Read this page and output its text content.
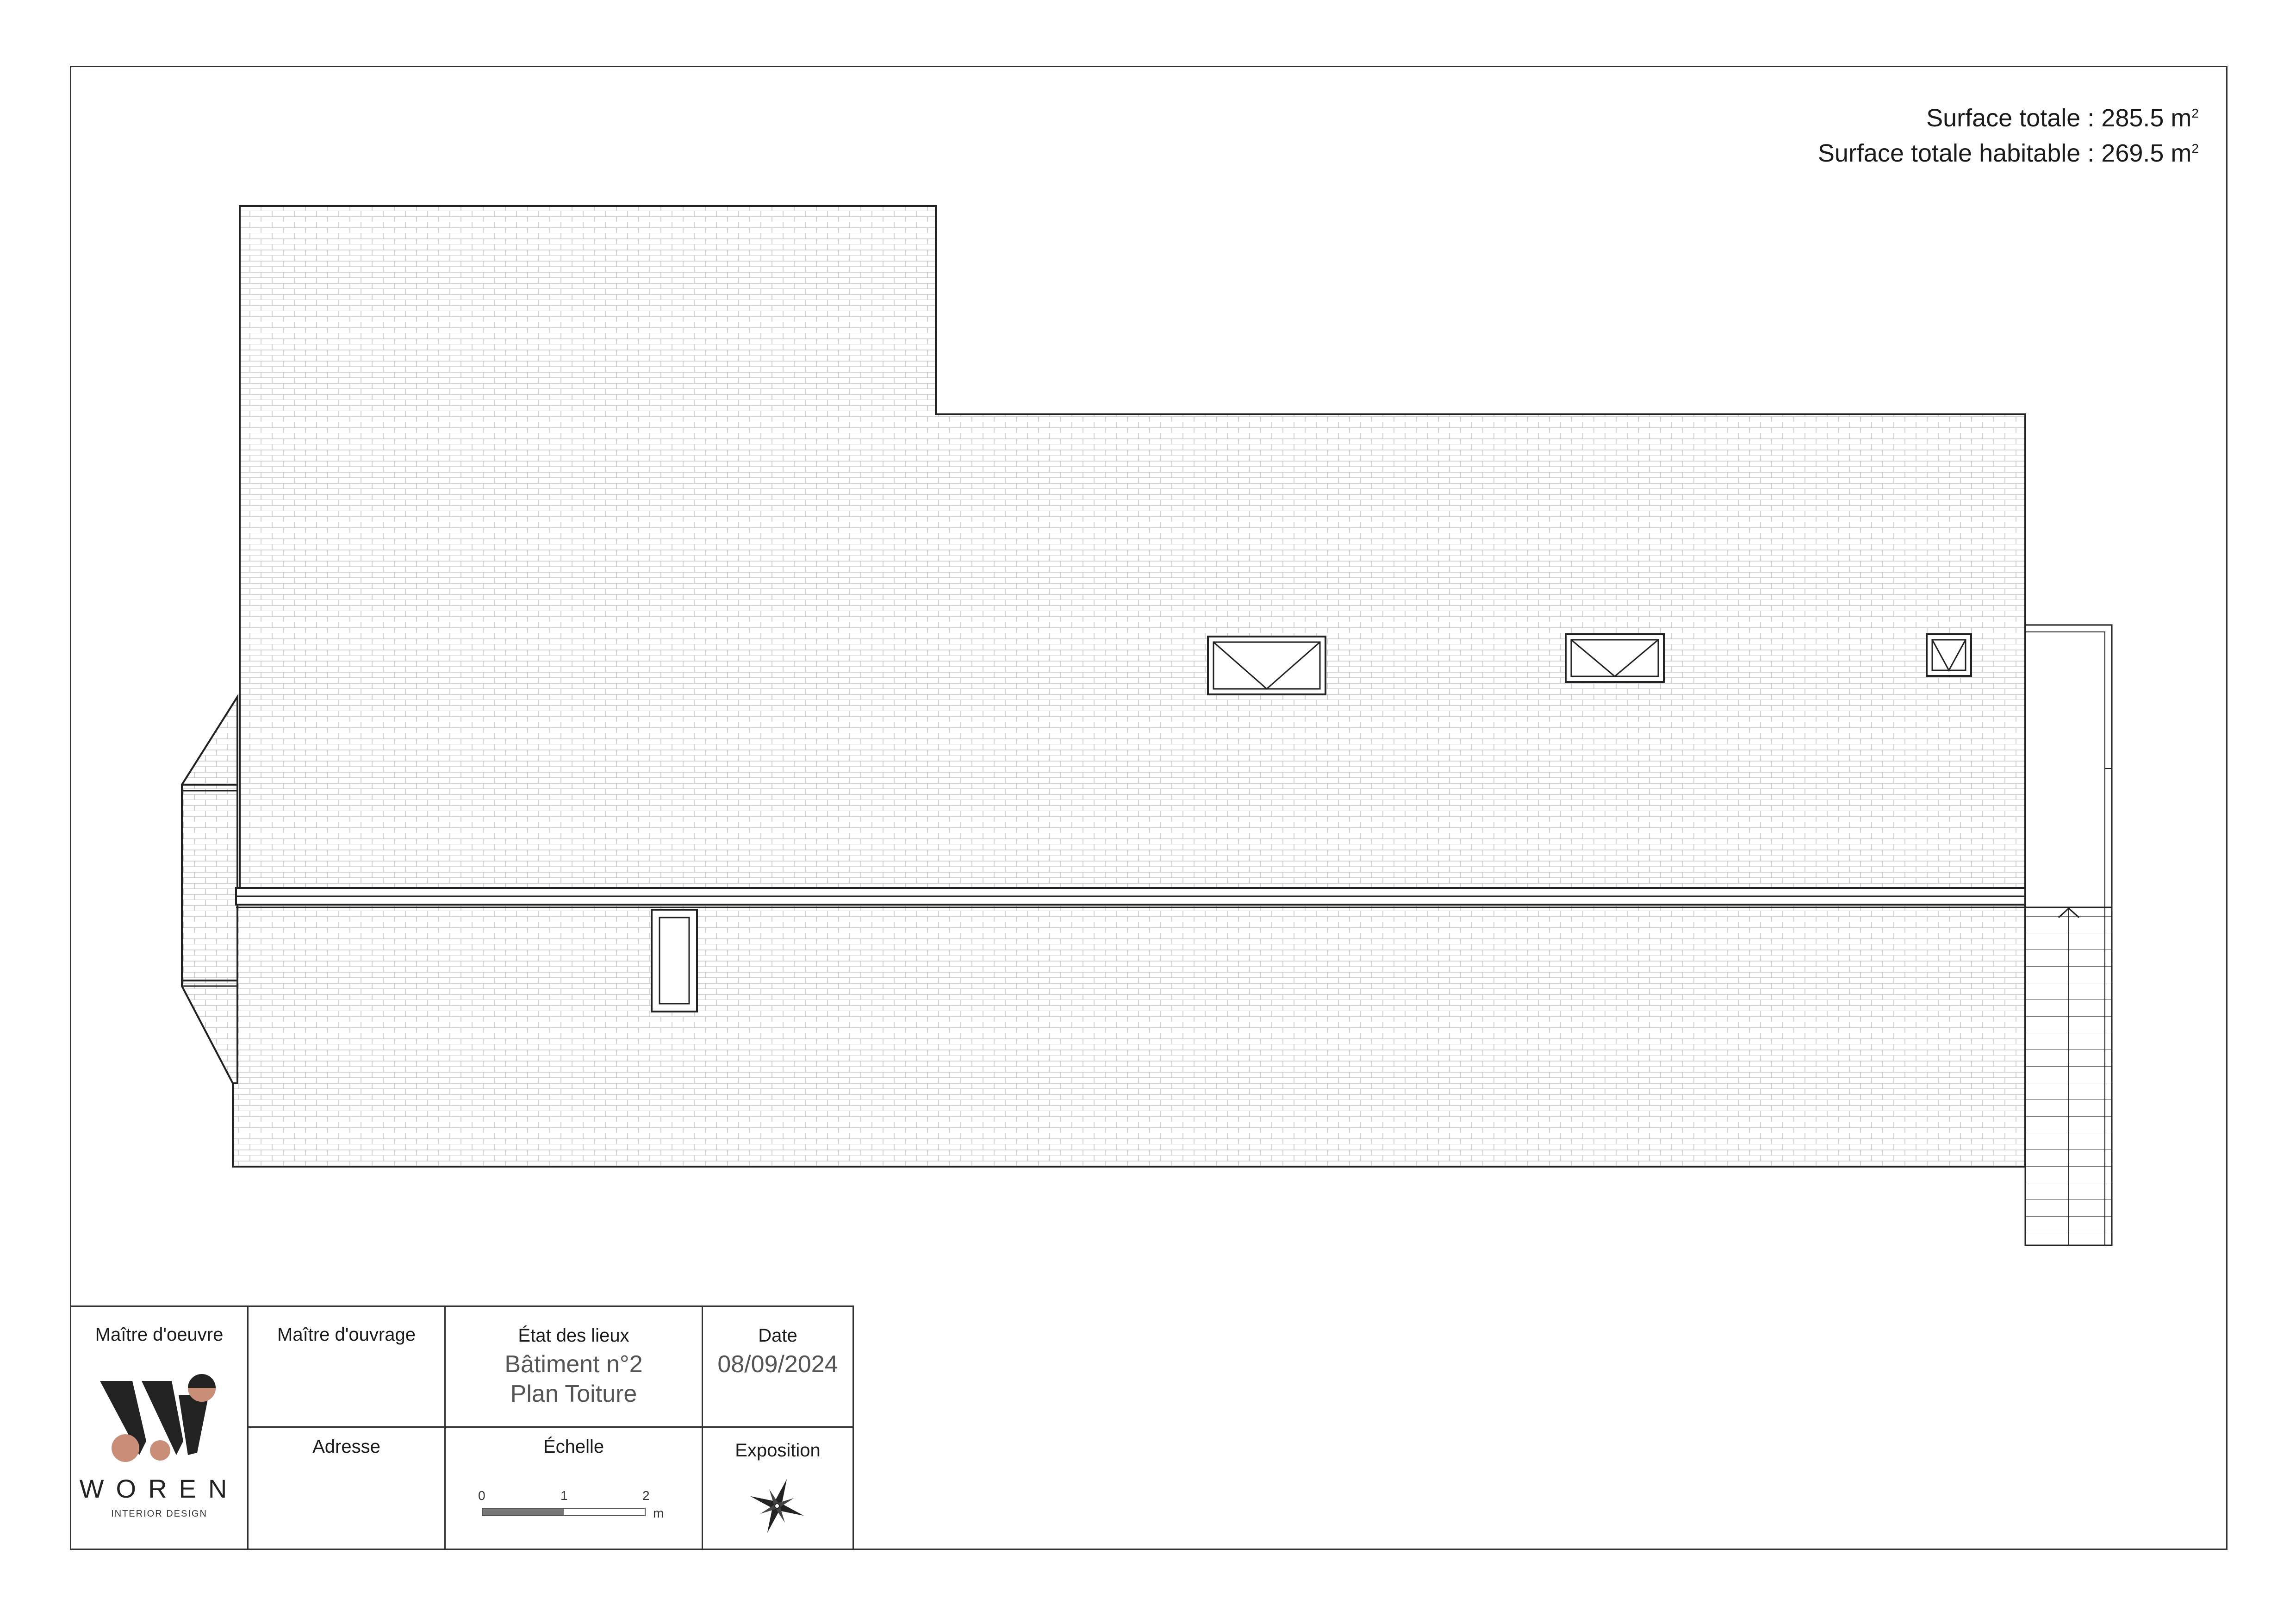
Surface totale : 285.5 $m^2$
Surface totale habitable : 269.5 $m^2$
Maître d'oeuvre
WOREN
INTERIOR DESIGN
Maître d'ouvrage
Adresse
État des lieux
Bâtiment n°2
Plan Toiture
Échelle
0	1	2
m
Date
08/09/2024
Exposition
